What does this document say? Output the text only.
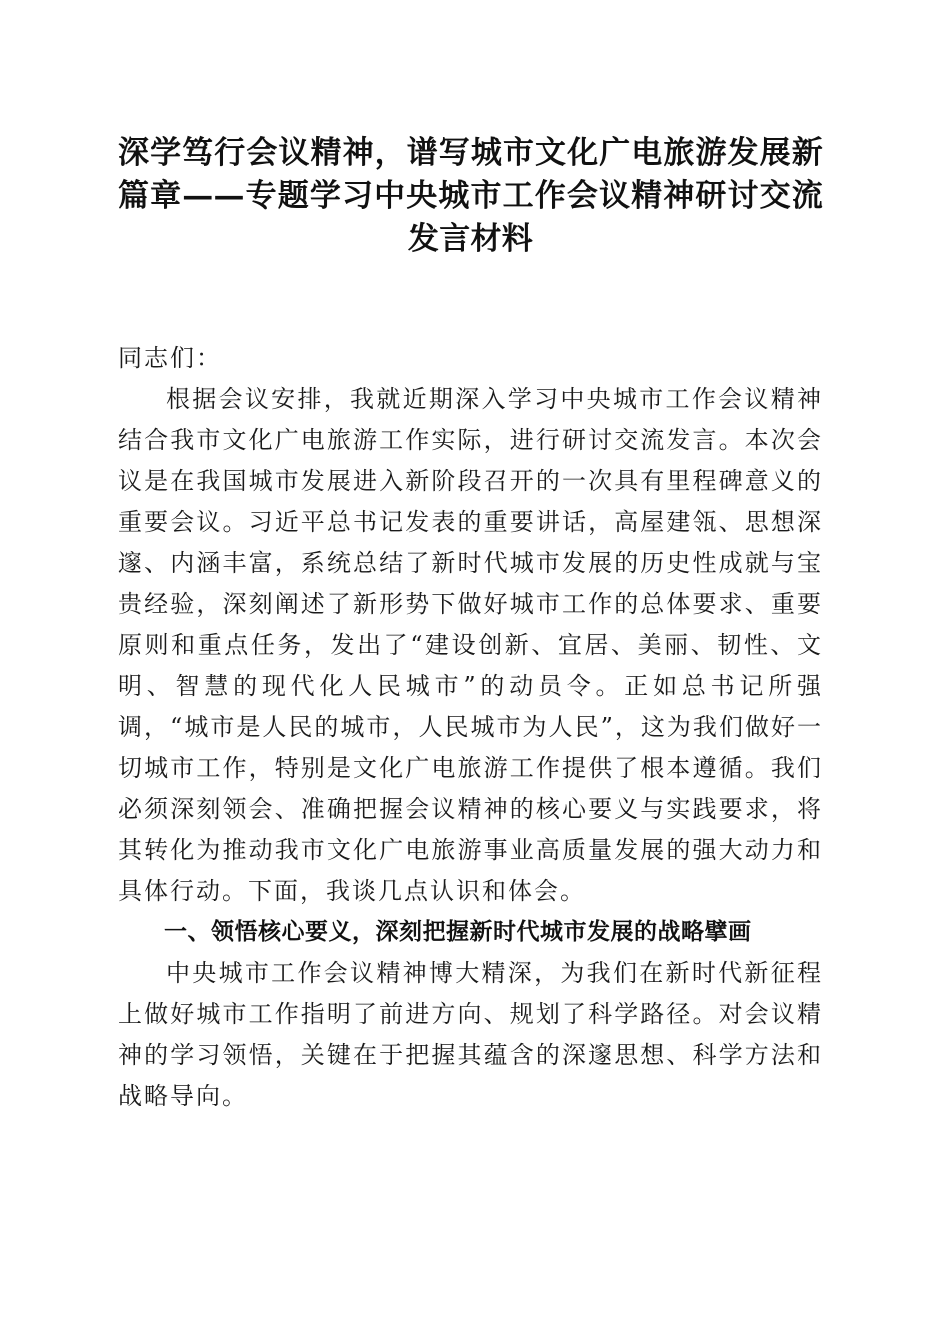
深学笃行会议精神，谱写城市文化广电旅游发展新篇章——专题学习中央城市工作会议精神研讨交流发言材料

同志们：

根据会议安排，我就近期深入学习中央城市工作会议精神结合我市文化广电旅游工作实际，进行研讨交流发言。本次会议是在我国城市发展进入新阶段召开的一次具有里程碑意义的重要会议。习近平总书记发表的重要讲话，高屋建瓴、思想深邃、内涵丰富，系统总结了新时代城市发展的历史性成就与宝贵经验，深刻阐述了新形势下做好城市工作的总体要求、重要原则和重点任务，发出了“建设创新、宜居、美丽、韧性、文明、智慧的现代化人民城市”的动员令。正如总书记所强调，“城市是人民的城市，人民城市为人民”，这为我们做好一切城市工作，特别是文化广电旅游工作提供了根本遵循。我们必须深刻领会、准确把握会议精神的核心要义与实践要求，将其转化为推动我市文化广电旅游事业高质量发展的强大动力和具体行动。下面，我谈几点认识和体会。

一、领悟核心要义，深刻把握新时代城市发展的战略擘画

中央城市工作会议精神博大精深，为我们在新时代新征程上做好城市工作指明了前进方向、规划了科学路径。对会议精神的学习领悟，关键在于把握其蕴含的深邃思想、科学方法和战略导向。
